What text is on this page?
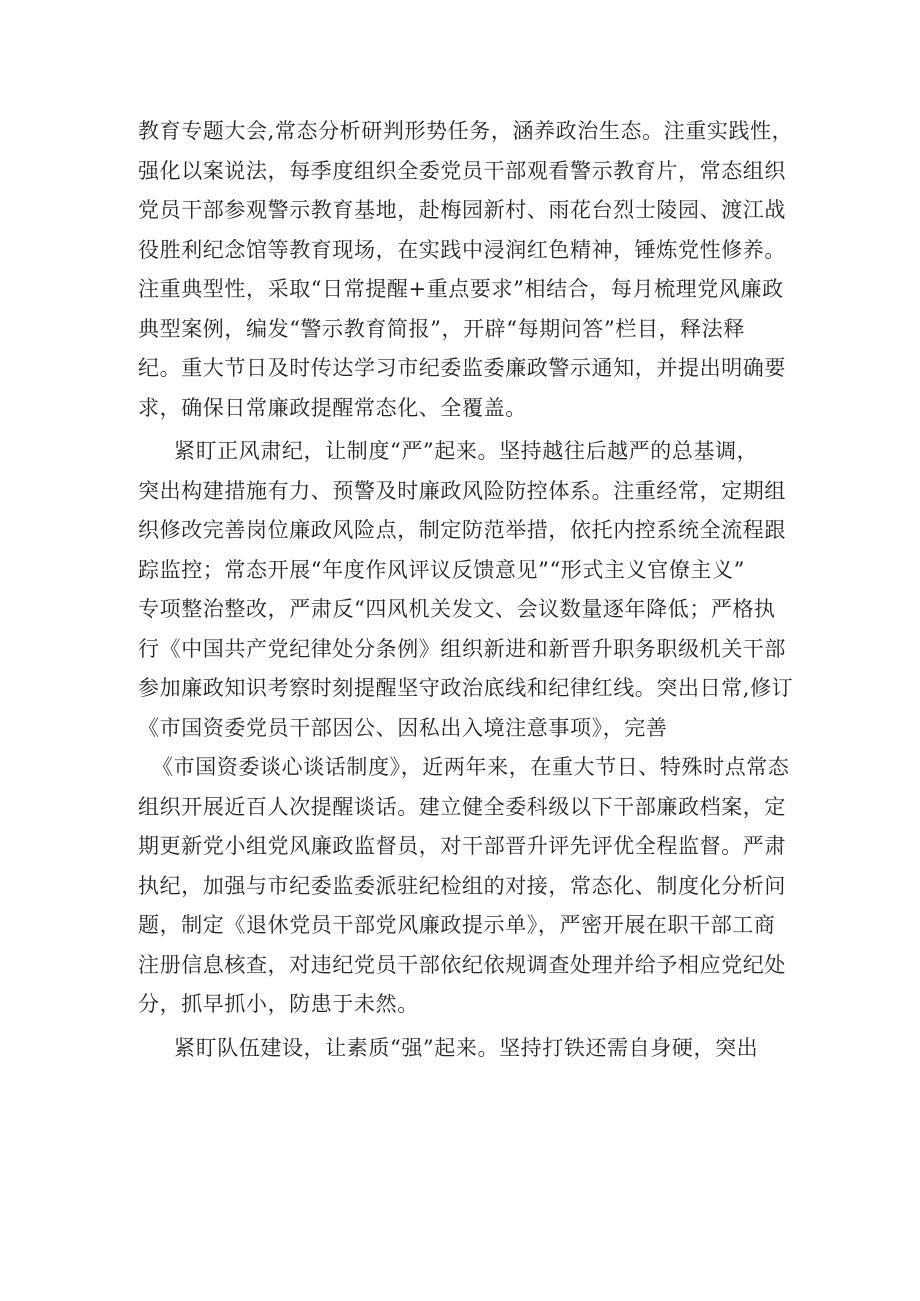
教育专题大会,常态分析研判形势任务，涵养政治生态。注重实践性，
强化以案说法，每季度组织全委党员干部观看警示教育片，常态组织
党员干部参观警示教育基地，赴梅园新村、雨花台烈士陵园、渡江战
役胜利纪念馆等教育现场，在实践中浸润红色精神，锤炼党性修养。
注重典型性，采取“日常提醒+重点要求”相结合，每月梳理党风廉政
典型案例，编发“警示教育简报”，开辟“每期问答”栏目，释法释
纪。重大节日及时传达学习市纪委监委廉政警示通知，并提出明确要
求，确保日常廉政提醒常态化、全覆盖。
紧盯正风肃纪，让制度“严”起来。坚持越往后越严的总基调，
突出构建措施有力、预警及时廉政风险防控体系。注重经常，定期组
织修改完善岗位廉政风险点，制定防范举措，依托内控系统全流程跟
踪监控；常态开展“年度作风评议反馈意见”“形式主义官僚主义”
专项整治整改，严肃反“四风机关发文、会议数量逐年降低；严格执
行《中国共产党纪律处分条例》组织新进和新晋升职务职级机关干部
参加廉政知识考察时刻提醒坚守政治底线和纪律红线。突出日常,修订
《市国资委党员干部因公、因私出入境注意事项》，完善
《市国资委谈心谈话制度》，近两年来，在重大节日、特殊时点常态
组织开展近百人次提醒谈话。建立健全委科级以下干部廉政档案，定
期更新党小组党风廉政监督员，对干部晋升评先评优全程监督。严肃
执纪，加强与市纪委监委派驻纪检组的对接，常态化、制度化分析问
题，制定《退休党员干部党风廉政提示单》，严密开展在职干部工商
注册信息核查，对违纪党员干部依纪依规调查处理并给予相应党纪处
分，抓早抓小，防患于未然。
紧盯队伍建设，让素质“强”起来。坚持打铁还需自身硬，突出
